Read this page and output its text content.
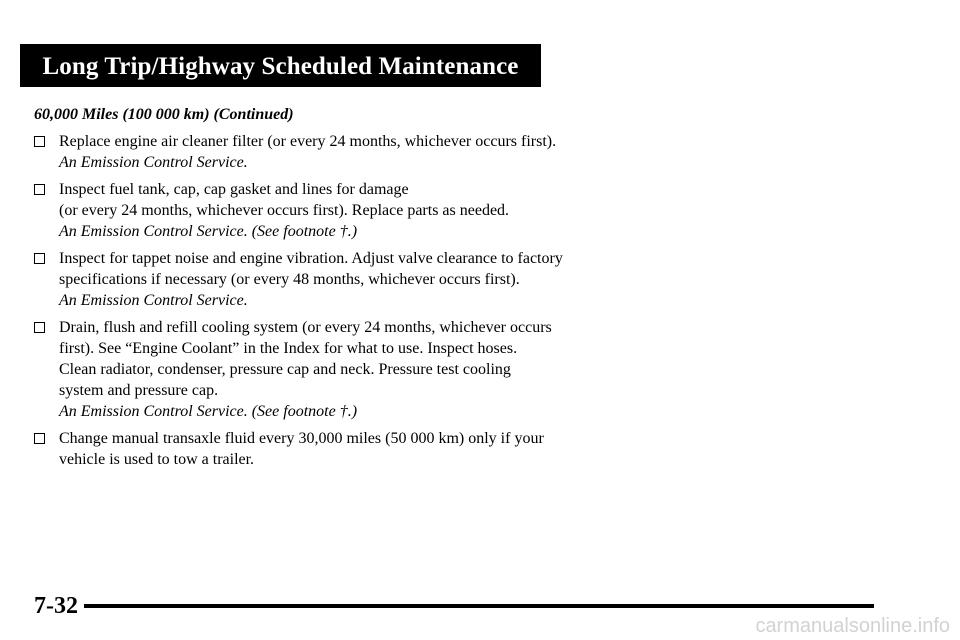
Long Trip/Highway Scheduled Maintenance

60,000 Miles (100 000 km) (Continued)

Replace engine air cleaner filter (or every 24 months, whichever occurs first).
An Emission Control Service.
Inspect fuel tank, cap, cap gasket and lines for damage
(or every 24 months, whichever occurs first). Replace parts as needed.
An Emission Control Service. (See footnote †.)
Inspect for tappet noise and engine vibration. Adjust valve clearance to factory
specifications if necessary (or every 48 months, whichever occurs first).
An Emission Control Service.
Drain, flush and refill cooling system (or every 24 months, whichever occurs
first). See “Engine Coolant” in the Index for what to use. Inspect hoses.
Clean radiator, condenser, pressure cap and neck. Pressure test cooling
system and pressure cap.
An Emission Control Service. (See footnote †.)
Change manual transaxle fluid every 30,000 miles (50 000 km) only if your
vehicle is used to tow a trailer.
7-32
carmanualsonline.info
